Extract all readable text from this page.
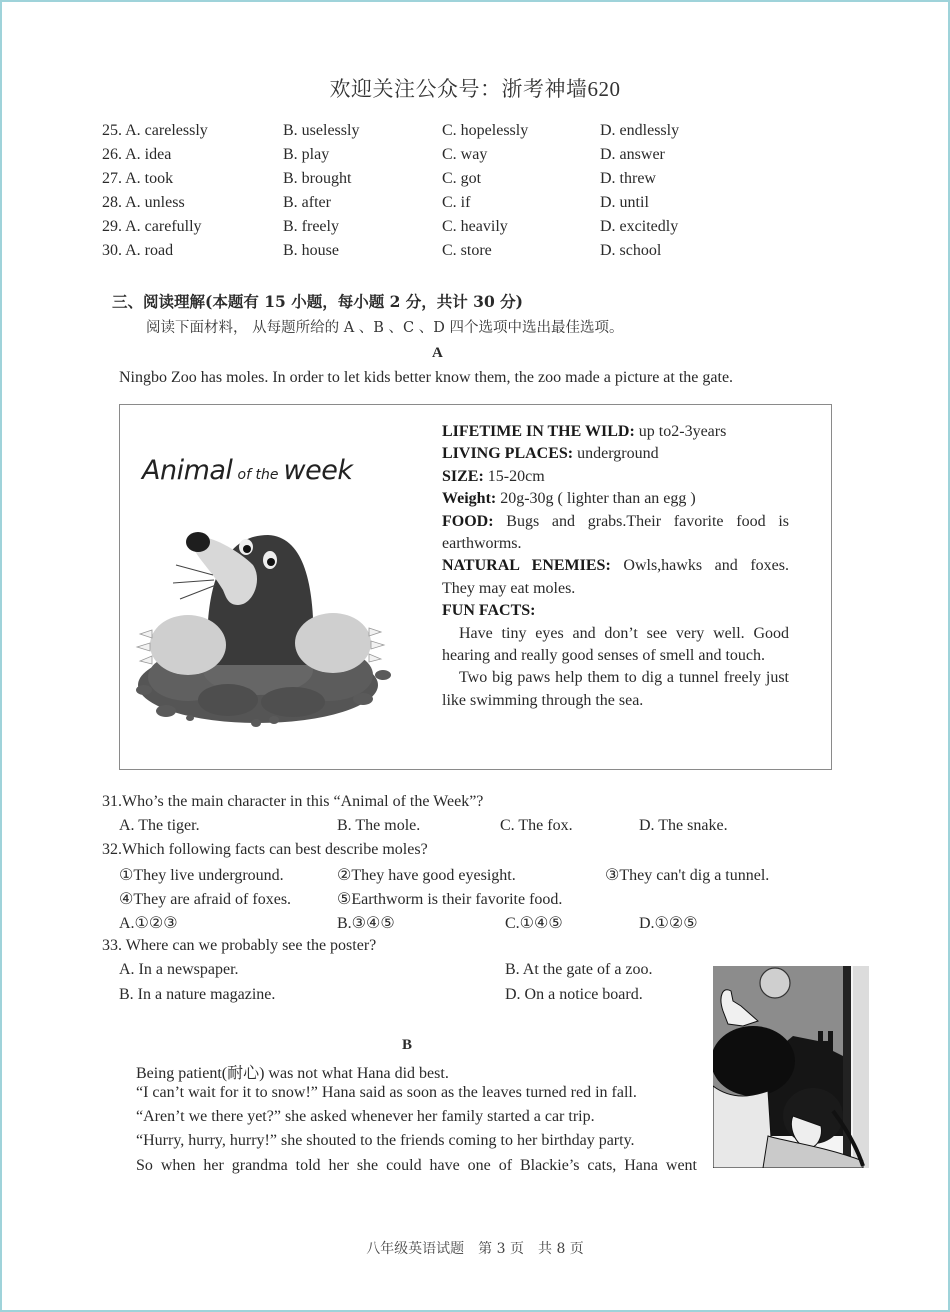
欢迎关注公众号：浙考神墙620
25. A. carelessly	B. uselessly	C. hopelessly	D. endlessly
26. A. idea	B. play	C. way	D. answer
27. A. took	B. brought	C. got	D. threw
28. A. unless	B. after	C. if	D. until
29. A. carefully	B. freely	C. heavily	D. excitedly
30. A. road	B. house	C. store	D. school
三、阅读理解(本题有 15 小题，每小题 2 分，共计 30 分)
阅读下面材料， 从每题所给的 A 、B 、C 、D 四个选项中选出最佳选项。
A
Ningbo Zoo has moles. In order to let kids better know them, the zoo made a picture at the gate.
Animal of the week

LIFETIME IN THE WILD: up to2-3years

LIVING PLACES: underground

SIZE: 15-20cm

Weight: 20g-30g ( lighter than an egg )

FOOD: Bugs and grabs.Their favorite food is earthworms.

NATURAL ENEMIES: Owls,hawks and foxes. They may eat moles.

FUN FACTS:

Have tiny eyes and don’t see very well. Good hearing and really good senses of smell and touch.

Two big paws help them to dig a tunnel freely just like swimming through the sea.

31.Who’s the main character in this “Animal of the Week”?
A. The tiger.	B. The mole.	C. The fox.	D. The snake.
32.Which following facts can best describe moles?
①They live underground.	②They have good eyesight.	③They can't dig a tunnel.
④They are afraid of foxes.	⑤Earthworm is their favorite food.
A.①②③	B.③④⑤	C.①④⑤	D.①②⑤
33. Where can we probably see the poster?
A. In a newspaper.	B. At the gate of a zoo.
B. In a nature magazine.	D. On a notice board.
B
Being patient(耐心) was not what Hana did best.
“I can’t wait for it to snow!” Hana said as soon as the leaves turned red in fall.
“Aren’t we there yet?” she asked whenever her family started a car trip.
“Hurry, hurry, hurry!” she shouted to the friends coming to her birthday party.
So when her grandma told her she could have one of Blackie’s cats, Hana went
八年级英语试题　第 3 页　共 8 页
